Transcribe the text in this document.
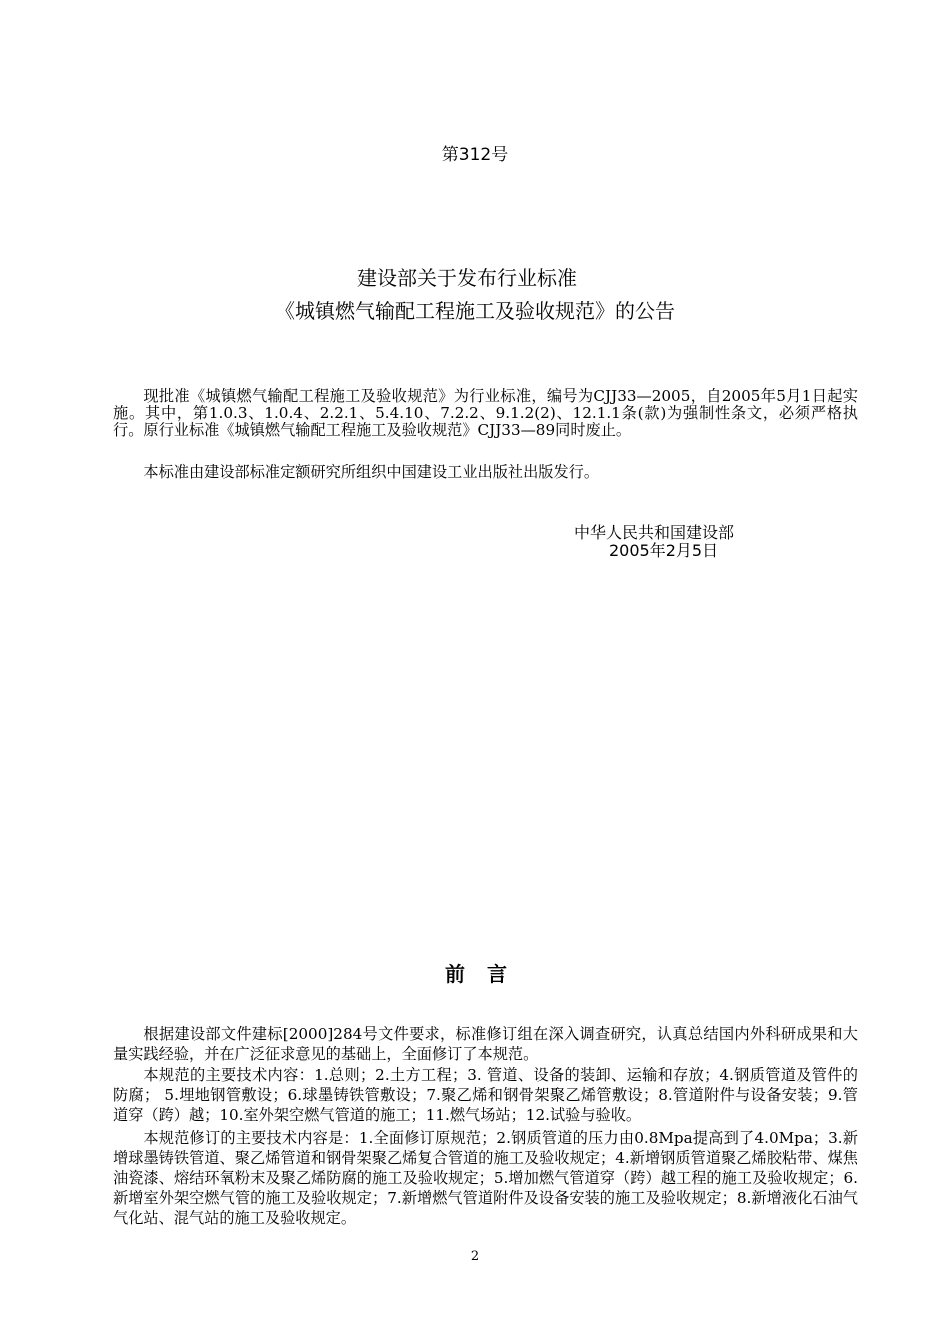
第312号
建设部关于发布行业标准
《城镇燃气输配工程施工及验收规范》的公告

现批准《城镇燃气输配工程施工及验收规范》为行业标准，编号为CJJ33—2005，自2005年5月1日起实施。其中，第1.0.3、1.0.4、2.2.1、5.4.10、7.2.2、9.1.2(2)、12.1.1条(款)为强制性条文，必须严格执行。原行业标准《城镇燃气输配工程施工及验收规范》CJJ33—89同时废止。

本标准由建设部标准定额研究所组织中国建设工业出版社出版发行。

中华人民共和国建设部
2005年2月5日
前言

根据建设部文件建标[2000]284号文件要求，标准修订组在深入调查研究，认真总结国内外科研成果和大量实践经验，并在广泛征求意见的基础上，全面修订了本规范。

本规范的主要技术内容：1.总则；2.土方工程；3. 管道、设备的装卸、运输和存放；4.钢质管道及管件的防腐； 5.埋地钢管敷设；6.球墨铸铁管敷设；7.聚乙烯和钢骨架聚乙烯管敷设；8.管道附件与设备安装；9.管道穿（跨）越；10.室外架空燃气管道的施工；11.燃气场站；12.试验与验收。

本规范修订的主要技术内容是：1.全面修订原规范；2.钢质管道的压力由0.8Mpa提高到了4.0Mpa；3.新增球墨铸铁管道、聚乙烯管道和钢骨架聚乙烯复合管道的施工及验收规定；4.新增钢质管道聚乙烯胶粘带、煤焦油瓷漆、熔结环氧粉末及聚乙烯防腐的施工及验收规定；5.增加燃气管道穿（跨）越工程的施工及验收规定；6.新增室外架空燃气管的施工及验收规定；7.新增燃气管道附件及设备安装的施工及验收规定；8.新增液化石油气气化站、混气站的施工及验收规定。

2
